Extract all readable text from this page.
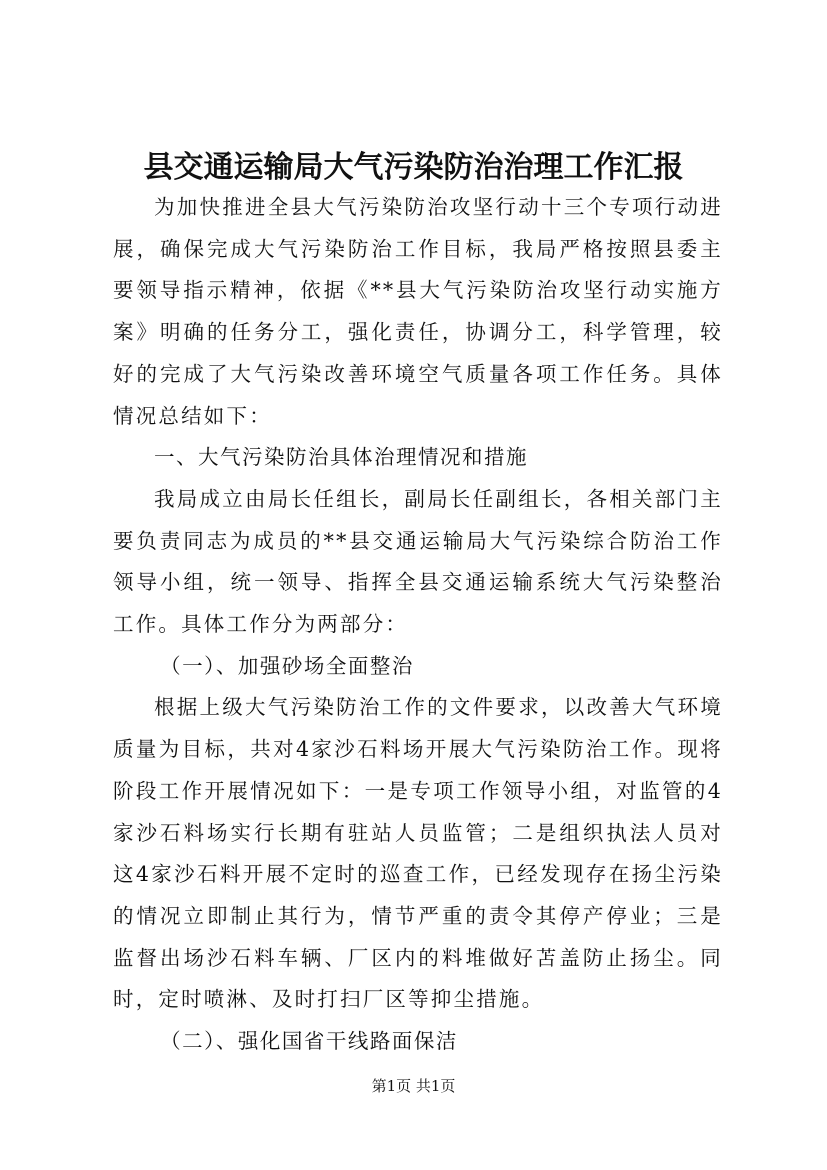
县交通运输局大气污染防治治理工作汇报

为加快推进全县大气污染防治攻坚行动十三个专项行动进展，确保完成大气污染防治工作目标，我局严格按照县委主要领导指示精神，依据《**县大气污染防治攻坚行动实施方案》明确的任务分工，强化责任，协调分工，科学管理，较好的完成了大气污染改善环境空气质量各项工作任务。具体情况总结如下：

一、大气污染防治具体治理情况和措施

我局成立由局长任组长，副局长任副组长，各相关部门主要负责同志为成员的**县交通运输局大气污染综合防治工作领导小组，统一领导、指挥全县交通运输系统大气污染整治工作。具体工作分为两部分：

（一）、加强砂场全面整治

根据上级大气污染防治工作的文件要求，以改善大气环境质量为目标，共对4家沙石料场开展大气污染防治工作。现将阶段工作开展情况如下：一是专项工作领导小组，对监管的4家沙石料场实行长期有驻站人员监管；二是组织执法人员对这4家沙石料开展不定时的巡查工作，已经发现存在扬尘污染的情况立即制止其行为，情节严重的责令其停产停业；三是监督出场沙石料车辆、厂区内的料堆做好苫盖防止扬尘。同时，定时喷淋、及时打扫厂区等抑尘措施。

（二）、强化国省干线路面保洁

第1页 共1页
